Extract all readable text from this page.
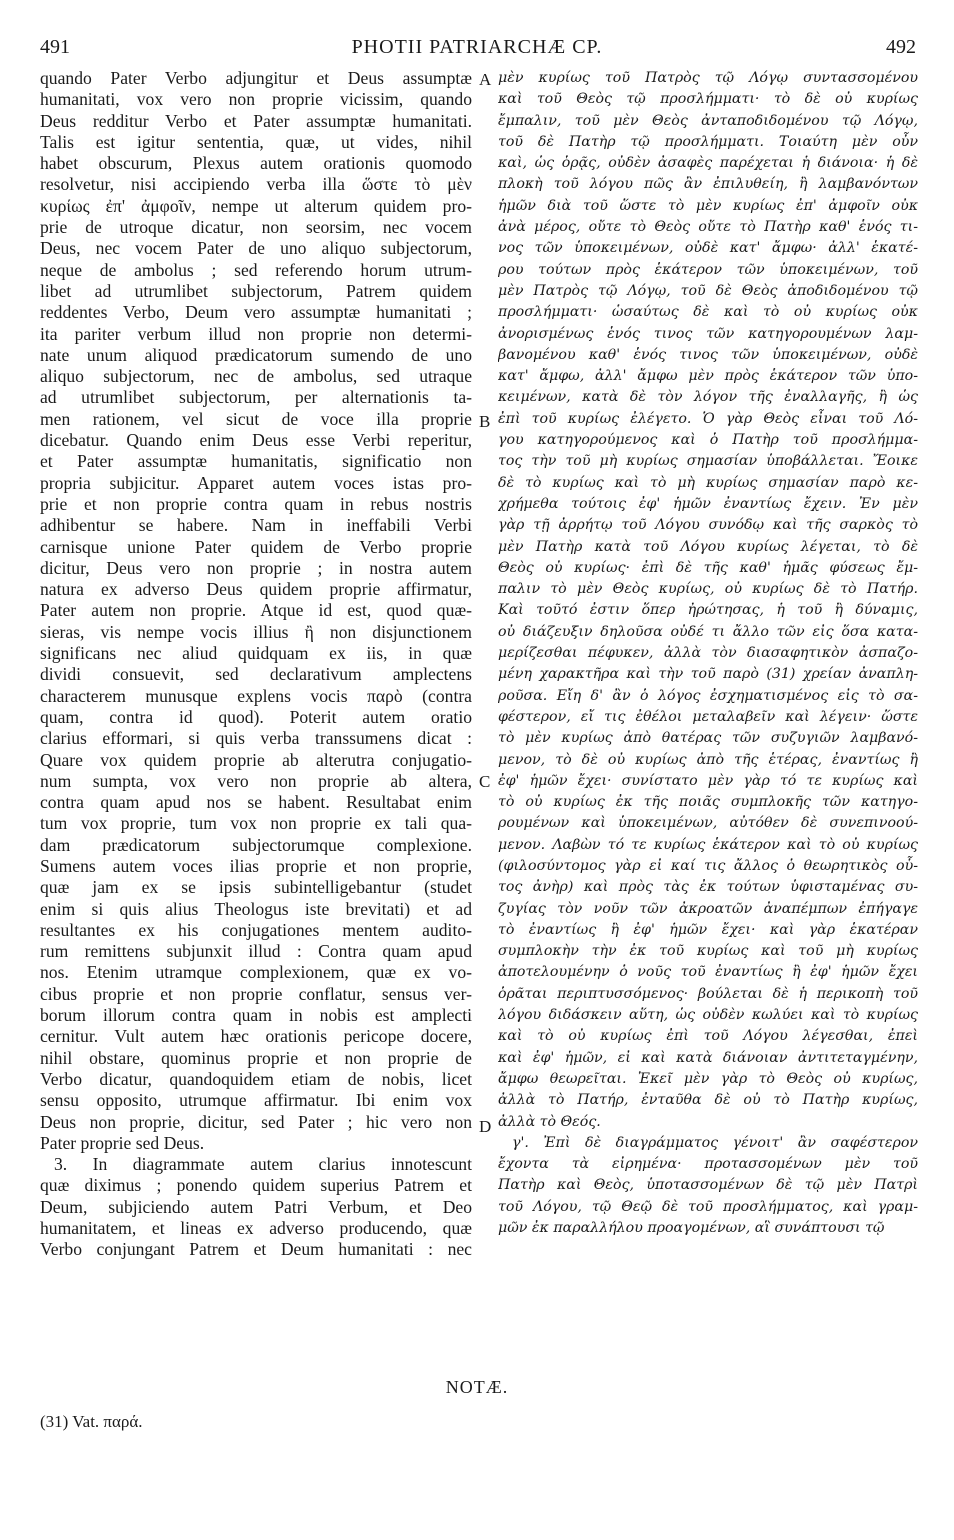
491	PHOTII PATRIARCHÆ CP.	492
quando Pater Verbo adjungitur et Deus assumptæ
humanitati, vox vero non proprie vicissim, quando
Deus redditur Verbo et Pater assumptæ humanitati.
Talis est igitur sententia, quæ, ut vides, nihil
habet obscurum, Plexus autem orationis quomodo
resolvetur, nisi accipiendo verba illa ὥστε τὸ μὲν
κυρίως ἐπ' ἀμφοῖν, nempe ut alterum quidem pro-
prie de utroque dicatur, non seorsim, nec vocem
Deus, nec vocem Pater de uno aliquo subjectorum,
neque de ambolus ; sed referendo horum utrum-
libet ad utrumlibet subjectorum, Patrem quidem
reddentes Verbo, Deum vero assumptæ humanitati ;
ita pariter verbum illud non proprie non determi-
nate unum aliquod prædicatorum sumendo de uno
aliquo subjectorum, nec de ambolus, sed utraque
ad utrumlibet subjectorum, per alternationis ta-
men rationem, vel sicut de voce illa proprie
dicebatur. Quando enim Deus esse Verbi reperitur,
et Pater assumptæ humanitatis, significatio non
propria subjicitur. Apparet autem voces istas pro-
prie et non proprie contra quam in rebus nostris
adhibentur se habere. Nam in ineffabili Verbi
carnisque unione Pater quidem de Verbo proprie
dicitur, Deus vero non proprie ; in nostra autem
natura ex adverso Deus quidem proprie affirmatur,
Pater autem non proprie. Atque id est, quod quæ-
sieras, vis nempe vocis illius ἢ non disjunctionem
significans nec aliud quidquam ex iis, in quæ
dividi consuevit, sed declarativum amplectens
characterem munusque explens vocis παρὸ (contra
quam, contra id quod). Poterit autem oratio
clarius efformari, si quis verba transsumens dicat :
Quare vox quidem proprie ab alterutra conjugatio-
num sumpta, vox vero non proprie ab altera,
contra quam apud nos se habent. Resultabat enim
tum vox proprie, tum vox non proprie ex tali qua-
dam prædicatorum subjectorumque complexione.
Sumens autem voces ilias proprie et non proprie,
quæ jam ex se ipsis subintelligebantur (studet
enim si quis alius Theologus iste brevitati) et ad
resultantes ex his conjugationes mentem audito-
rum remittens subjunxit illud : Contra quam apud
nos. Etenim utramque complexionem, quæ ex vo-
cibus proprie et non proprie conflatur, sensus ver-
borum illorum contra quam in nobis est amplecti
cernitur. Vult autem hæc orationis pericope docere,
nihil obstare, quominus proprie et non proprie de
Verbo dicatur, quandoquidem etiam de nobis, licet
sensu opposito, utrumque affirmatur. Ibi enim vox
Deus non proprie, dicitur, sed Pater ; hic vero non
Pater proprie sed Deus.
3. In diagrammate autem clarius innotescunt
quæ diximus ; ponendo quidem superius Patrem et
Deum, subjiciendo autem Patri Verbum, et Deo
humanitatem, et lineas ex adverso producendo, quæ
Verbo conjungant Patrem et Deum humanitati : nec
μὲν κυρίως τοῦ Πατρὸς τῷ Λόγῳ συντασσομένου
καὶ τοῦ Θεὸς τῷ προσλήμματι· τὸ δὲ οὐ κυρίως
ἔμπαλιν, τοῦ μὲν Θεὸς ἀνταποδιδομένου τῷ Λόγῳ,
τοῦ δὲ Πατὴρ τῷ προσλήμματι. Τοιαύτη μὲν οὖν
καὶ, ὡς ὁρᾷς, οὐδὲν ἀσαφὲς παρέχεται ἡ διάνοια· ἡ δὲ
πλοκὴ τοῦ λόγου πῶς ἂν ἐπιλυθείη, ἢ λαμβανόντων
ἡμῶν διὰ τοῦ ὥστε τὸ μὲν κυρίως ἐπ' ἀμφοῖν οὐκ
ἀνὰ μέρος, οὔτε τὸ Θεὸς οὔτε τὸ Πατὴρ καθ' ἑνός τι-
νος τῶν ὑποκειμένων, οὐδὲ κατ' ἄμφω· ἀλλ' ἑκατέ-
ρου τούτων πρὸς ἑκάτερον τῶν ὑποκειμένων, τοῦ
μὲν Πατρὸς τῷ Λόγῳ, τοῦ δὲ Θεὸς ἀποδιδομένου τῷ
προσλήμματι· ὡσαύτως δὲ καὶ τὸ οὐ κυρίως οὐκ
ἀνορισμένως ἑνός τινος τῶν κατηγορουμένων λαμ-
βανομένου καθ' ἑνός τινος τῶν ὑποκειμένων, οὐδὲ
κατ' ἄμφω, ἀλλ' ἄμφω μὲν πρὸς ἑκάτερον τῶν ὑπο-
κειμένων, κατὰ δὲ τὸν λόγον τῆς ἐναλλαγῆς, ἢ ὡς
ἐπὶ τοῦ κυρίως ἐλέγετο. Ὁ γὰρ Θεὸς εἶναι τοῦ Λό-
γου κατηγορούμενος καὶ ὁ Πατὴρ τοῦ προσλήμμα-
τος τὴν τοῦ μὴ κυρίως σημασίαν ὑποβάλλεται. Ἔοικε
δὲ τὸ κυρίως καὶ τὸ μὴ κυρίως σημασίαν παρὸ κε-
χρήμεθα τούτοις ἐφ' ἡμῶν ἐναντίως ἔχειν. Ἐν μὲν
γὰρ τῇ ἀρρήτῳ τοῦ Λόγου συνόδῳ καὶ τῆς σαρκὸς τὸ
μὲν Πατὴρ κατὰ τοῦ Λόγου κυρίως λέγεται, τὸ δὲ
Θεὸς οὐ κυρίως· ἐπὶ δὲ τῆς καθ' ἡμᾶς φύσεως ἔμ-
παλιν τὸ μὲν Θεὸς κυρίως, οὐ κυρίως δὲ τὸ Πατήρ.
Καὶ τοῦτό ἐστιν ὅπερ ἠρώτησας, ἡ τοῦ ἢ δύναμις,
οὐ διάζευξιν δηλοῦσα οὐδέ τι ἄλλο τῶν εἰς ὅσα κατα-
μερίζεσθαι πέφυκεν, ἀλλὰ τὸν διασαφητικὸν ἀσπαζο-
μένη χαρακτῆρα καὶ τὴν τοῦ παρὸ (31) χρείαν ἀναπλη-
ροῦσα. Εἴη δ' ἂν ὁ λόγος ἐσχηματισμένος εἰς τὸ σα-
φέστερον, εἴ τις ἐθέλοι μεταλαβεῖν καὶ λέγειν· ὥστε
τὸ μὲν κυρίως ἀπὸ θατέρας τῶν συζυγιῶν λαμβανό-
μενον, τὸ δὲ οὐ κυρίως ἀπὸ τῆς ἑτέρας, ἐναντίως ἢ
ἐφ' ἡμῶν ἔχει· συνίστατο μὲν γὰρ τό τε κυρίως καὶ
τὸ οὐ κυρίως ἐκ τῆς ποιᾶς συμπλοκῆς τῶν κατηγο-
ρουμένων καὶ ὑποκειμένων, αὐτόθεν δὲ συνεπινοού-
μενον. Λαβὼν τό τε κυρίως ἑκάτερον καὶ τὸ οὐ κυρίως
(φιλοσύντομος γὰρ εἰ καί τις ἄλλος ὁ θεωρητικὸς οὗ-
τος ἀνὴρ) καὶ πρὸς τὰς ἐκ τούτων ὑφισταμένας συ-
ζυγίας τὸν νοῦν τῶν ἀκροατῶν ἀναπέμπων ἐπήγαγε
τὸ ἐναντίως ἢ ἐφ' ἡμῶν ἔχει· καὶ γὰρ ἑκατέραν
συμπλοκὴν τὴν ἐκ τοῦ κυρίως καὶ τοῦ μὴ κυρίως
ἀποτελουμένην ὁ νοῦς τοῦ ἐναντίως ἢ ἐφ' ἡμῶν ἔχει
ὁρᾶται περιπτυσσόμενος· βούλεται δὲ ἡ περικοπὴ τοῦ
λόγου διδάσκειν αὕτη, ὡς οὐδὲν κωλύει καὶ τὸ κυρίως
καὶ τὸ οὐ κυρίως ἐπὶ τοῦ Λόγου λέγεσθαι, ἐπεὶ
καὶ ἐφ' ἡμῶν, εἰ καὶ κατὰ διάνοιαν ἀντιτεταγμένην,
ἄμφω θεωρεῖται. Ἐκεῖ μὲν γὰρ τὸ Θεὸς οὐ κυρίως,
ἀλλὰ τὸ Πατήρ, ἐνταῦθα δὲ οὐ τὸ Πατὴρ κυρίως,
ἀλλὰ τὸ Θεός.
γ'. Ἐπὶ δὲ διαγράμματος γένοιτ' ἂν σαφέστερον
ἔχοντα τὰ εἰρημένα· προτασσομένων μὲν τοῦ
Πατὴρ καὶ Θεὸς, ὑποτασσομένων δὲ τῷ μὲν Πατρὶ
τοῦ Λόγου, τῷ Θεῷ δὲ τοῦ προσλήμματος, καὶ γραμ-
μῶν ἐκ παραλλήλου προαγομένων, αἳ συνάπτουσι τῷ
A
B
C
D
NOTÆ.
(31) Vat. παρά.
